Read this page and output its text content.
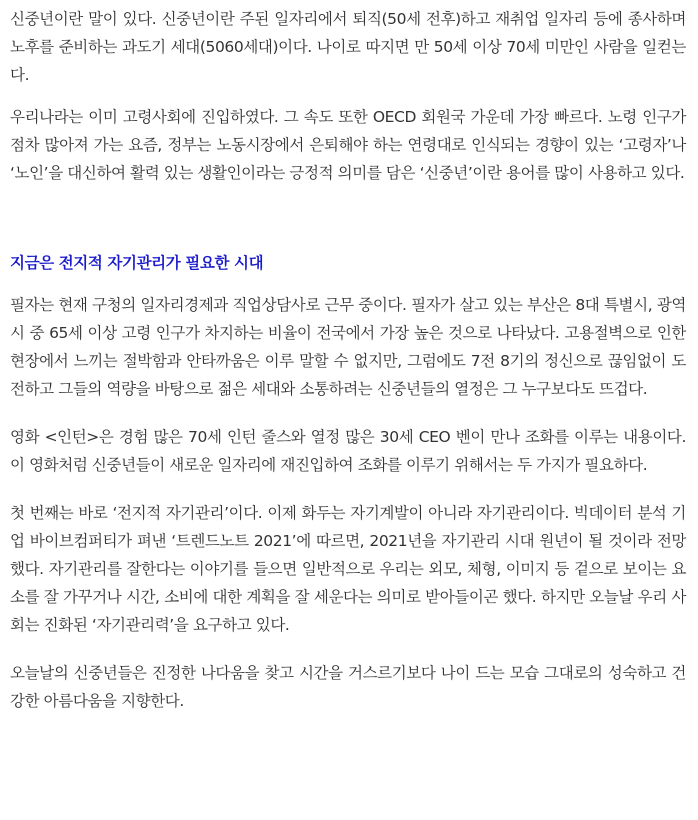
신중년이란 말이 있다. 신중년이란 주된 일자리에서 퇴직(50세 전후)하고 재취업 일자리 등에 종사하며 노후를 준비하는 과도기 세대(5060세대)이다. 나이로 따지면 만 50세 이상 70세 미만인 사람을 일컫는다.

우리나라는 이미 고령사회에 진입하였다. 그 속도 또한 OECD 회원국 가운데 가장 빠르다. 노령 인구가 점차 많아져 가는 요즘, 정부는 노동시장에서 은퇴해야 하는 연령대로 인식되는 경향이 있는 ‘고령자’나 ‘노인’을 대신하여 활력 있는 생활인이라는 긍정적 의미를 담은 ‘신중년’이란 용어를 많이 사용하고 있다.

지금은 전지적 자기관리가 필요한 시대

필자는 현재 구청의 일자리경제과 직업상담사로 근무 중이다. 필자가 살고 있는 부산은 8대 특별시, 광역시 중 65세 이상 고령 인구가 차지하는 비율이 전국에서 가장 높은 것으로 나타났다. 고용절벽으로 인한 현장에서 느끼는 절박함과 안타까움은 이루 말할 수 없지만, 그럼에도 7전 8기의 정신으로 끊임없이 도전하고 그들의 역량을 바탕으로 젊은 세대와 소통하려는 신중년들의 열정은 그 누구보다도 뜨겁다.

영화 <인턴>은 경험 많은 70세 인턴 줄스와 열정 많은 30세 CEO 벤이 만나 조화를 이루는 내용이다. 이 영화처럼 신중년들이 새로운 일자리에 재진입하여 조화를 이루기 위해서는 두 가지가 필요하다.

첫 번째는 바로 ‘전지적 자기관리’이다. 이제 화두는 자기계발이 아니라 자기관리이다. 빅데이터 분석 기업 바이브컴퍼티가 펴낸 ‘트렌드노트 2021’에 따르면, 2021년을 자기관리 시대 원년이 될 것이라 전망했다. 자기관리를 잘한다는 이야기를 들으면 일반적으로 우리는 외모, 체형, 이미지 등 겉으로 보이는 요소를 잘 가꾸거나 시간, 소비에 대한 계획을 잘 세운다는 의미로 받아들이곤 했다. 하지만 오늘날 우리 사회는 진화된 ‘자기관리력’을 요구하고 있다.

오늘날의 신중년들은 진정한 나다움을 찾고 시간을 거스르기보다 나이 드는 모습 그대로의 성숙하고 건강한 아름다움을 지향한다.
